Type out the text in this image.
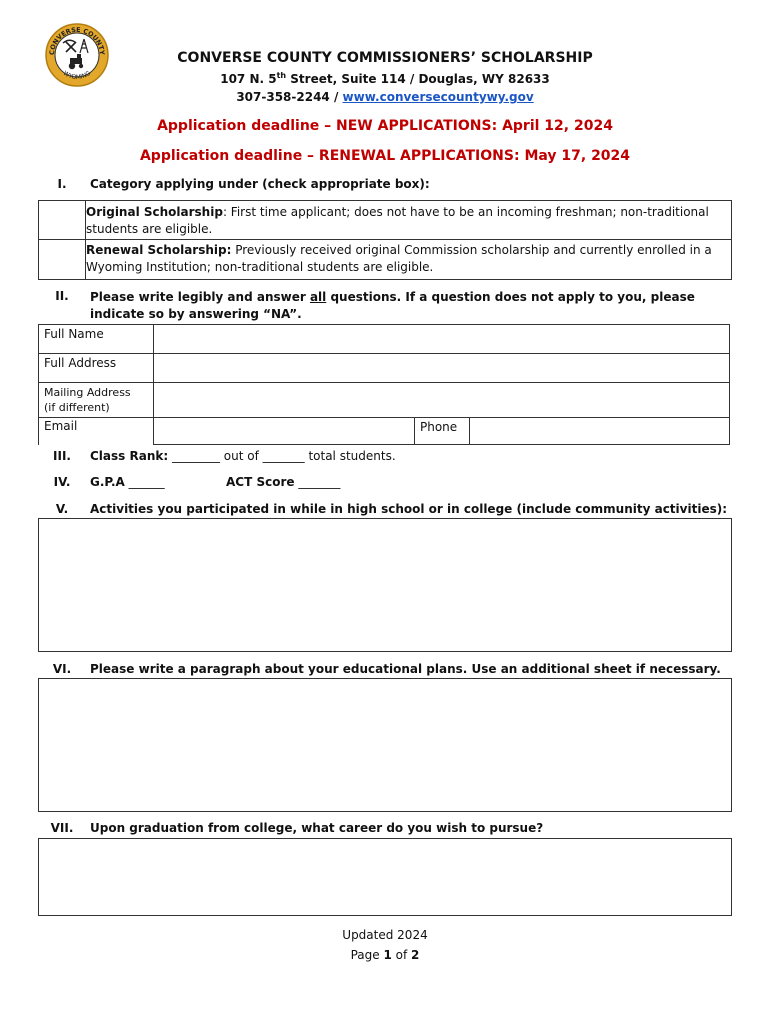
CONVERSE COUNTY
WYOMING
CONVERSE COUNTY COMMISSIONERS’ SCHOLARSHIP
107 N. 5th Street, Suite 114 / Douglas, WY 82633
307-358-2244 / www.conversecountywy.gov
Application deadline – NEW APPLICATIONS: April 12, 2024
Application deadline – RENEWAL APPLICATIONS: May 17, 2024
I.	Category applying under (check appropriate box):
Original Scholarship: First time applicant; does not have to be an incoming freshman; non-traditional students are eligible.
Renewal Scholarship: Previously received original Commission scholarship and currently enrolled in a Wyoming Institution; non-traditional students are eligible.
II.	Please write legibly and answer all questions. If a question does not apply to you, please indicate so by answering “NA”.
Full Name
Full Address
Mailing Address
(if different)
Email	Phone
III.	Class Rank: ________ out of _______ total students.
IV.	G.P.A ______	ACT Score _______
V.	Activities you participated in while in high school or in college (include community activities):
VI.	Please write a paragraph about your educational plans. Use an additional sheet if necessary.
VII.	Upon graduation from college, what career do you wish to pursue?
Updated 2024
Page 1 of 2
